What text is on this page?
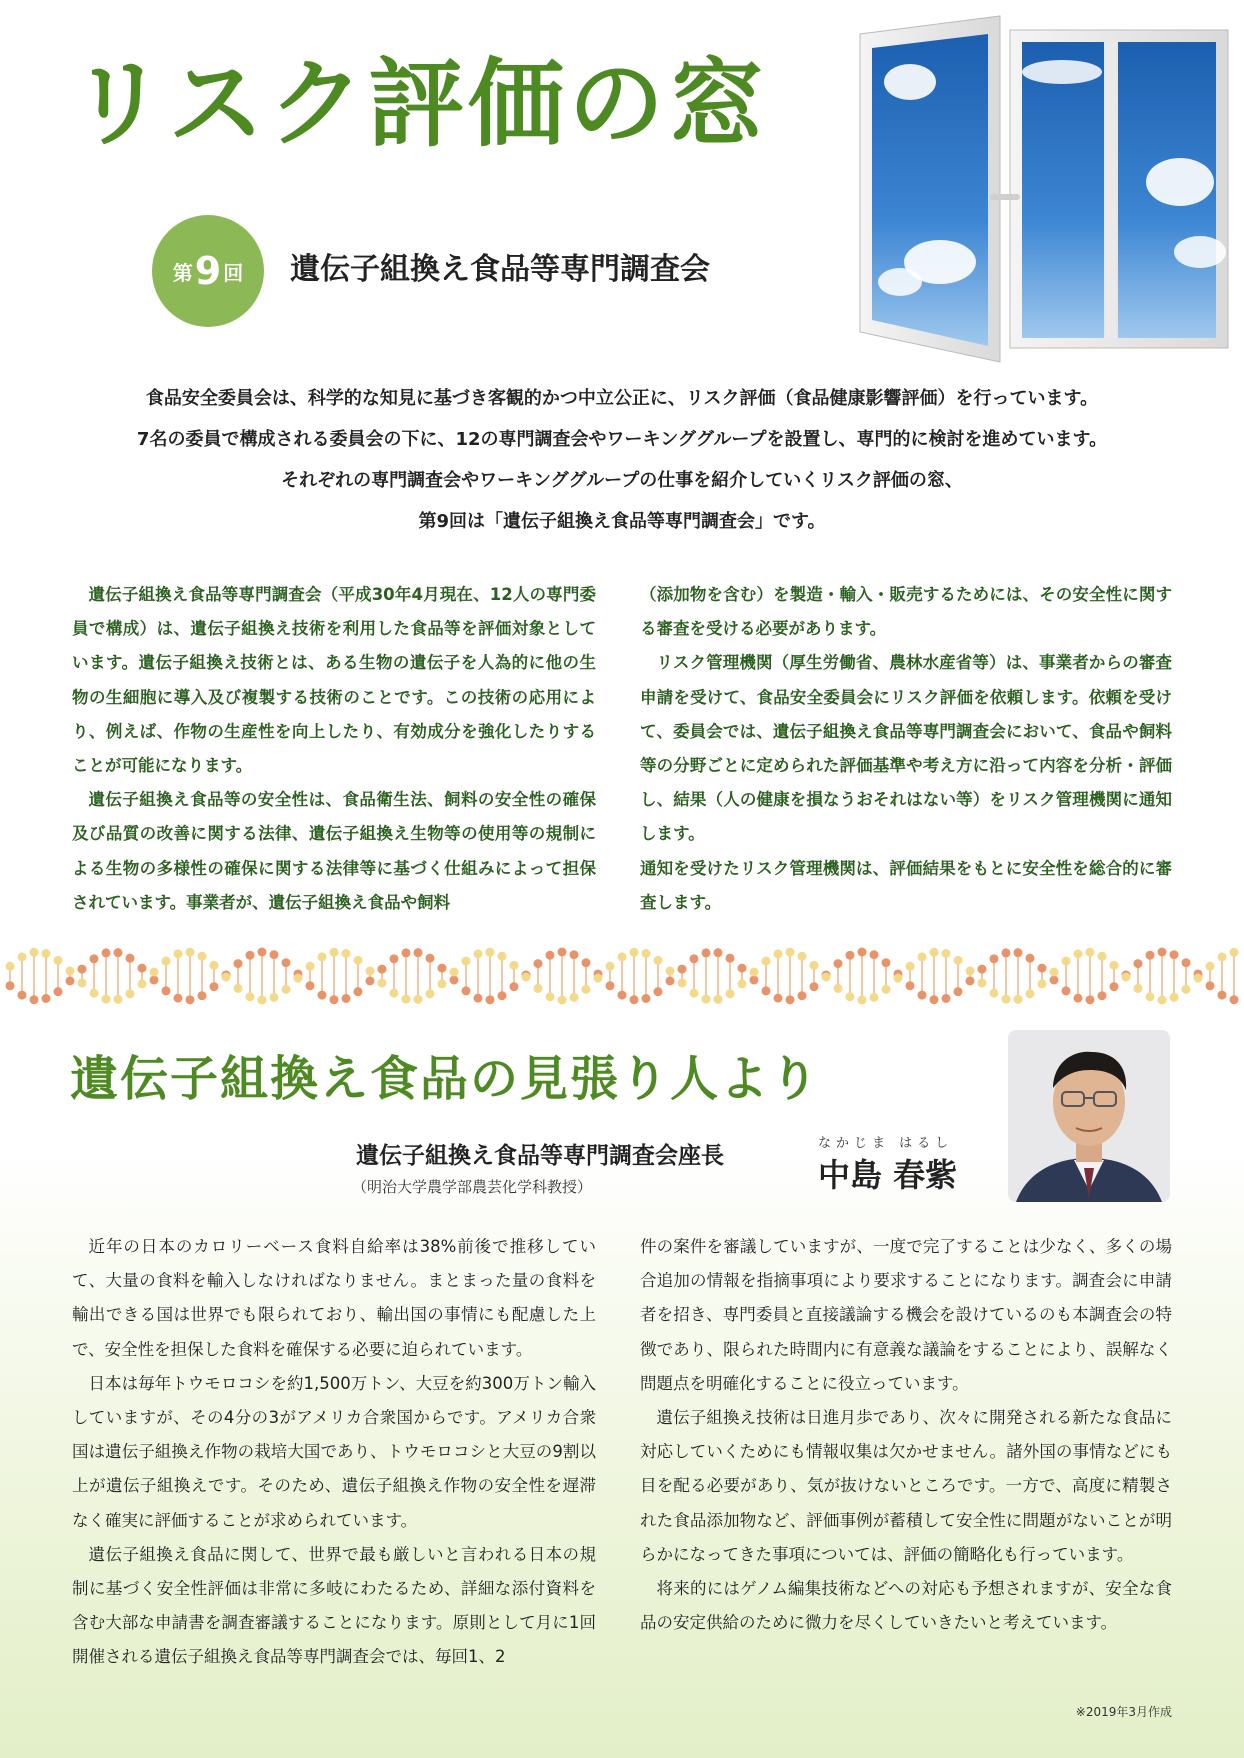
リスク評価の窓
第 9 回 遺伝子組換え食品等専門調査会
食品安全委員会は、科学的な知見に基づき客観的かつ中立公正に、リスク評価（食品健康影響評価）を行っています。
7名の委員で構成される委員会の下に、12の専門調査会やワーキンググループを設置し、専門的に検討を進めています。
それぞれの専門調査会やワーキンググループの仕事を紹介していくリスク評価の窓、
第9回は「遺伝子組換え食品等専門調査会」です。

遺伝子組換え食品等専門調査会（平成30年4月現在、12人の専門委員で構成）は、遺伝子組換え技術を利用した食品等を評価対象としています。遺伝子組換え技術とは、ある生物の遺伝子を人為的に他の生物の生細胞に導入及び複製する技術のことです。この技術の応用により、例えば、作物の生産性を向上したり、有効成分を強化したりすることが可能になります。

遺伝子組換え食品等の安全性は、食品衛生法、飼料の安全性の確保及び品質の改善に関する法律、遺伝子組換え生物等の使用等の規制による生物の多様性の確保に関する法律等に基づく仕組みによって担保されています。事業者が、遺伝子組換え食品や飼料

（添加物を含む）を製造・輸入・販売するためには、その安全性に関する審査を受ける必要があります。

リスク管理機関（厚生労働省、農林水産省等）は、事業者からの審査申請を受けて、食品安全委員会にリスク評価を依頼します。依頼を受けて、委員会では、遺伝子組換え食品等専門調査会において、食品や飼料等の分野ごとに定められた評価基準や考え方に沿って内容を分析・評価し、結果（人の健康を損なうおそれはない等）をリスク管理機関に通知します。

通知を受けたリスク管理機関は、評価結果をもとに安全性を総合的に審査します。

遺伝子組換え食品の見張り人より
遺伝子組換え食品等専門調査会座長
（明治大学農学部農芸化学科教授）
なかじま はるし
中島 春紫

近年の日本のカロリーベース食料自給率は38%前後で推移していて、大量の食料を輸入しなければなりません。まとまった量の食料を輸出できる国は世界でも限られており、輸出国の事情にも配慮した上で、安全性を担保した食料を確保する必要に迫られています。

日本は毎年トウモロコシを約1,500万トン、大豆を約300万トン輸入していますが、その4分の3がアメリカ合衆国からです。アメリカ合衆国は遺伝子組換え作物の栽培大国であり、トウモロコシと大豆の9割以上が遺伝子組換えです。そのため、遺伝子組換え作物の安全性を遅滞なく確実に評価することが求められています。

遺伝子組換え食品に関して、世界で最も厳しいと言われる日本の規制に基づく安全性評価は非常に多岐にわたるため、詳細な添付資料を含む大部な申請書を調査審議することになります。原則として月に1回開催される遺伝子組換え食品等専門調査会では、毎回1、2

件の案件を審議していますが、一度で完了することは少なく、多くの場合追加の情報を指摘事項により要求することになります。調査会に申請者を招き、専門委員と直接議論する機会を設けているのも本調査会の特徴であり、限られた時間内に有意義な議論をすることにより、誤解なく問題点を明確化することに役立っています。

遺伝子組換え技術は日進月歩であり、次々に開発される新たな食品に対応していくためにも情報収集は欠かせません。諸外国の事情などにも目を配る必要があり、気が抜けないところです。一方で、高度に精製された食品添加物など、評価事例が蓄積して安全性に問題がないことが明らかになってきた事項については、評価の簡略化も行っています。

将来的にはゲノム編集技術などへの対応も予想されますが、安全な食品の安定供給のために微力を尽くしていきたいと考えています。

※2019年3月作成
